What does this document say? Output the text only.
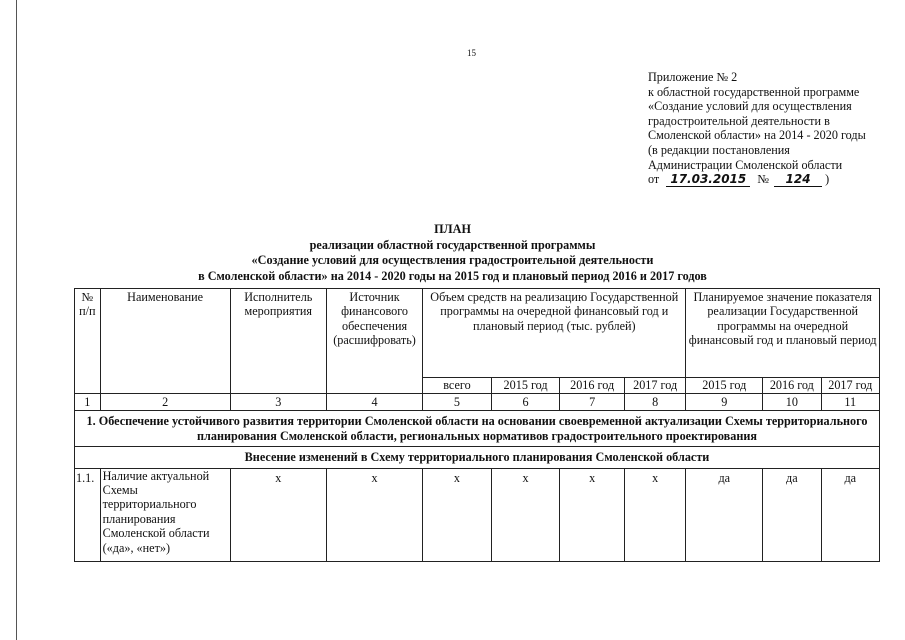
15
Приложение № 2
к областной государственной программе
«Создание условий для осуществления
градостроительной деятельности в
Смоленской области» на 2014 - 2020 годы
(в редакции постановления
Администрации Смоленской области
от 17.03.2015 № 124 )
ПЛАН
реализации областной государственной программы
«Создание условий для осуществления градостроительной деятельности
в Смоленской области» на 2014 - 2020 годы на 2015 год и плановый период 2016 и 2017 годов
№ п/п	Наименование	Исполнитель мероприятия	Источник финансового обеспечения (расшифровать)	Объем средств на реализацию Государственной программы на очередной финансовый год и плановый период (тыс. рублей)				Планируемое значение показателя реализации Государственной программы на очередной финансовый год и плановый период		

				всего	2015 год	2016 год	2017 год	2015 год	2016 год	2017 год
1	2	3	4	5	6	7	8	9	10	11
1. Обеспечение устойчивого развития территории Смоленской области на основании своевременной актуализации Схемы территориального планирования Смоленской области, региональных нормативов градостроительного проектирования										
Внесение изменений в Схему территориального планирования Смоленской области										
1.1.	Наличие актуальной Схемы территориального планирования Смоленской области («да», «нет»)	х	х	х	х	х	х	да	да	да
